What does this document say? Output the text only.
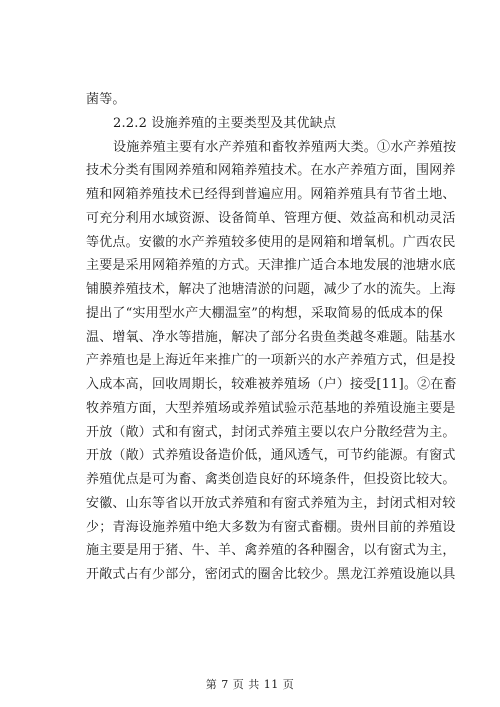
菌等。
2.2.2 设施养殖的主要类型及其优缺点
设施养殖主要有水产养殖和畜牧养殖两大类。①水产养殖按
技术分类有围网养殖和网箱养殖技术。在水产养殖方面，围网养
殖和网箱养殖技术已经得到普遍应用。网箱养殖具有节省土地、
可充分利用水域资源、设备简单、管理方便、效益高和机动灵活
等优点。安徽的水产养殖较多使用的是网箱和增氧机。广西农民
主要是采用网箱养殖的方式。天津推广适合本地发展的池塘水底
铺膜养殖技术，解决了池塘清淤的问题，减少了水的流失。上海
提出了“实用型水产大棚温室”的构想，采取简易的低成本的保
温、增氧、净水等措施，解决了部分名贵鱼类越冬难题。陆基水
产养殖也是上海近年来推广的一项新兴的水产养殖方式，但是投
入成本高，回收周期长，较难被养殖场（户）接受[11]。②在畜
牧养殖方面，大型养殖场或养殖试验示范基地的养殖设施主要是
开放（敞）式和有窗式，封闭式养殖主要以农户分散经营为主。
开放（敞）式养殖设备造价低，通风透气，可节约能源。有窗式
养殖优点是可为畜、禽类创造良好的环境条件，但投资比较大。
安徽、山东等省以开放式养殖和有窗式养殖为主，封闭式相对较
少；青海设施养殖中绝大多数为有窗式畜棚。贵州目前的养殖设
施主要是用于猪、牛、羊、禽养殖的各种圈舍，以有窗式为主，
开敞式占有少部分，密闭式的圈舍比较少。黑龙江养殖设施以具
第 7 页 共 11 页
